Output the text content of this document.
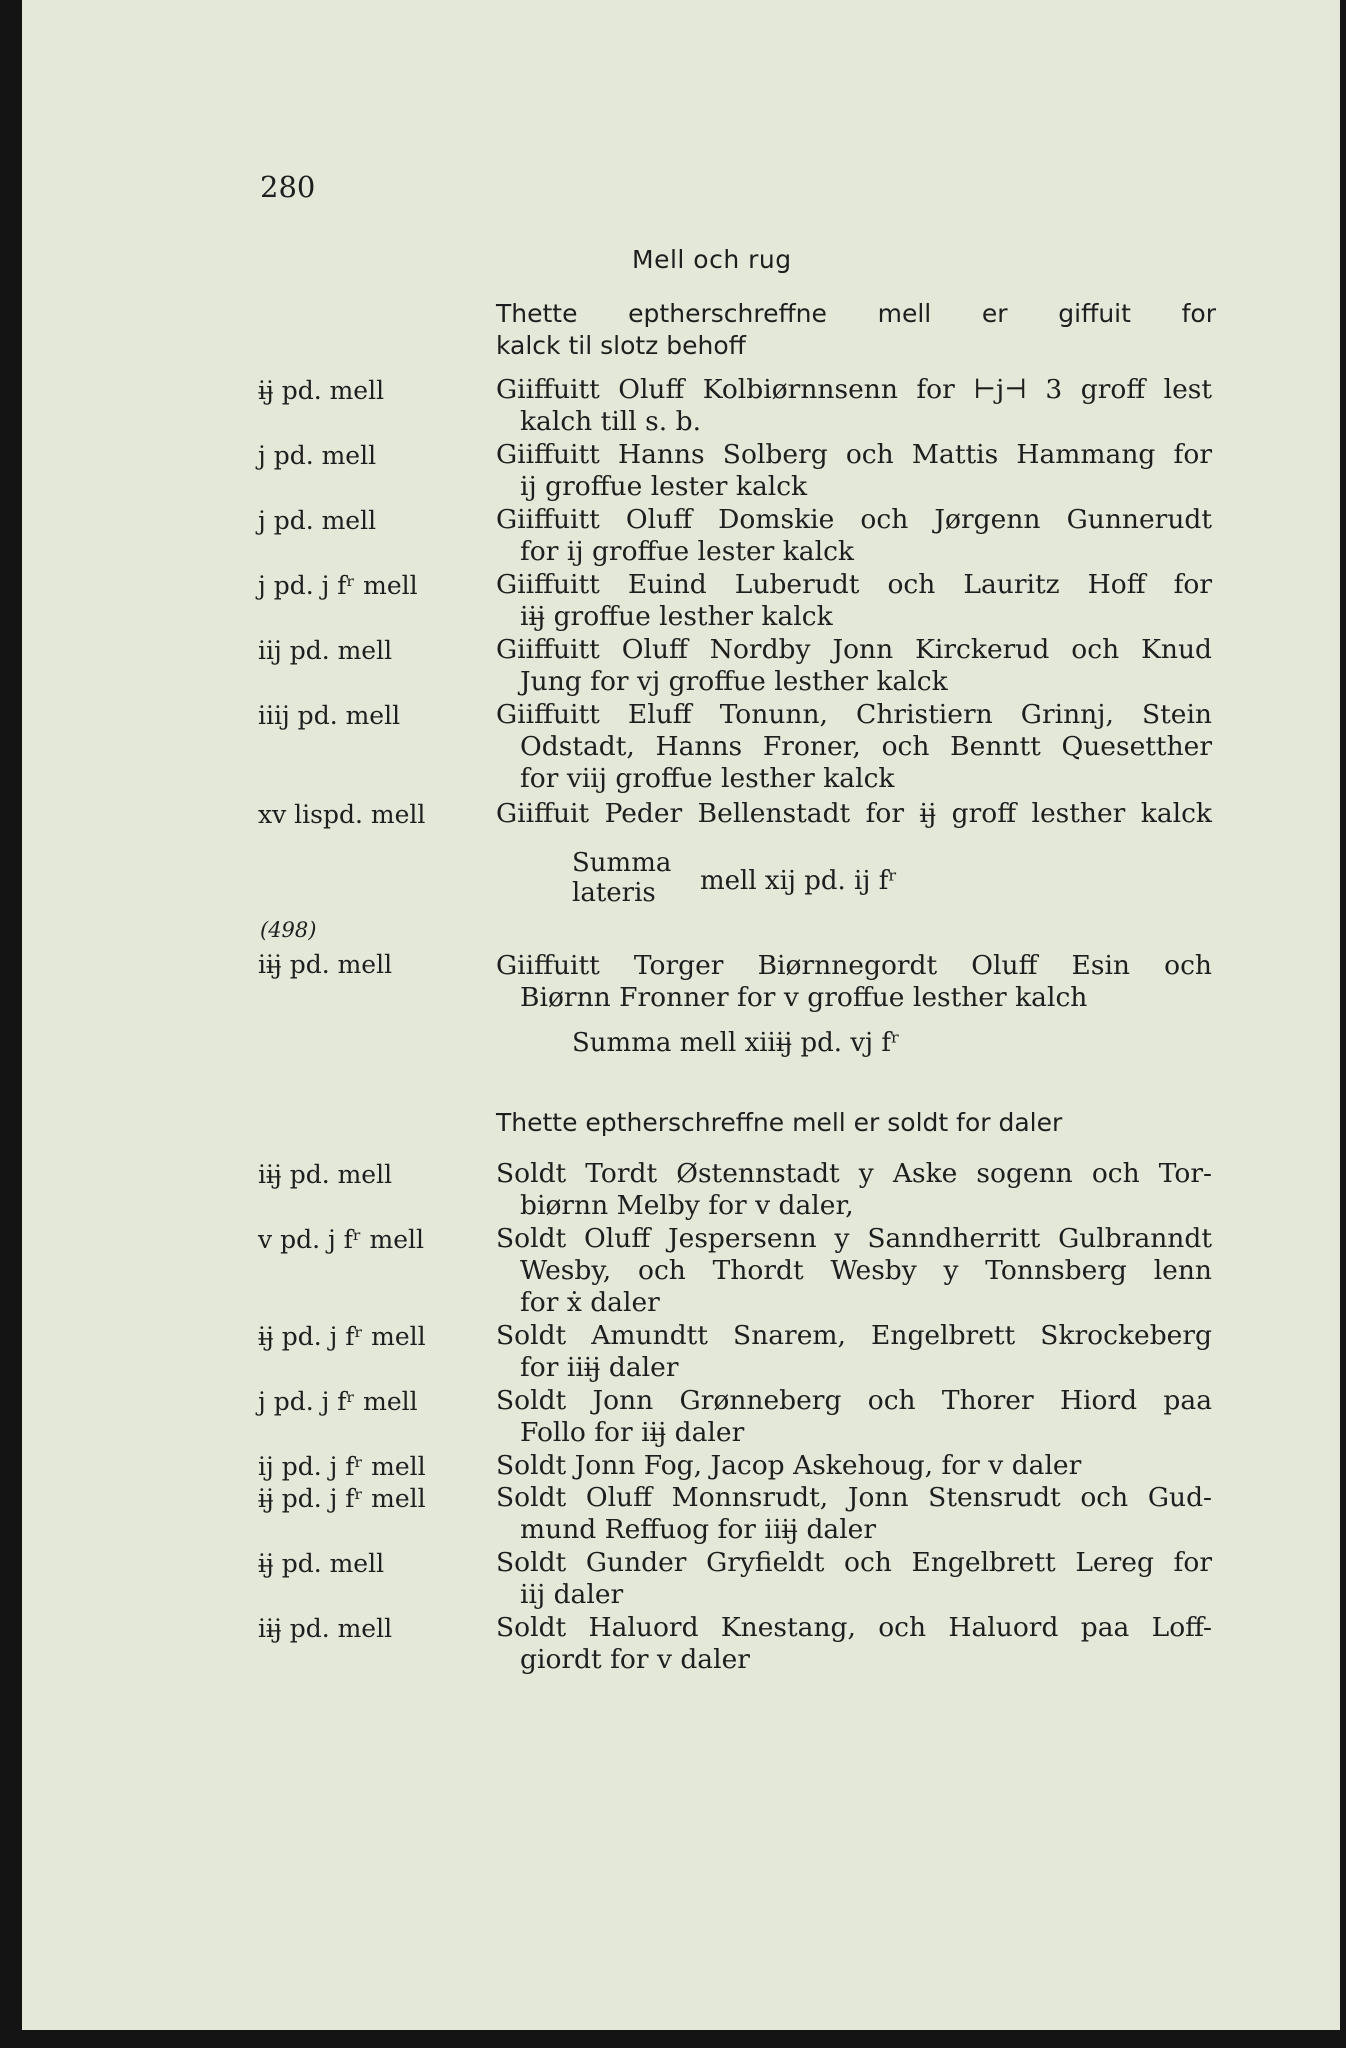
280
Mell och rug
Thette eptherschreffne mell er giffuit for
kalck til slotz behoff
ij̶ pd. mell	Giiffuitt Oluff Kolbiørnnsenn for ⊢j⊣ 3 groff lest
kalch till s. b.
j pd. mell	Giiffuitt Hanns Solberg och Mattis Hammang for
ij groffue lester kalck
j pd. mell	Giiffuitt Oluff Domskie och Jørgenn Gunnerudt
for ij groffue lester kalck
j pd. j fʳ mell	Giiffuitt Euind Luberudt och Lauritz Hoff for
iij̶ groffue lesther kalck
iij pd. mell	Giiffuitt Oluff Nordby Jonn Kirckerud och Knud
Jung for vj groffue lesther kalck
iiij pd. mell	Giiffuitt Eluff Tonunn, Christiern Grinnj, Stein
Odstadt, Hanns Froner, och Benntt Quesetther
for viij groffue lesther kalck
xv lispd. mell	Giiffuit Peder Bellenstadt for ij̶ groff lesther kalck
Summa
lateris	mell xij pd. ij fʳ
(498)
iij̶ pd. mell	Giiffuitt Torger Biørnnegordt Oluff Esin och
Biørnn Fronner for v groffue lesther kalch
Summa mell xiiij̶ pd. vj fʳ
Thette eptherschreffne mell er soldt for daler
iij̶ pd. mell	Soldt Tordt Østennstadt y Aske sogenn och Tor-
biørnn Melby for v daler,
v pd. j fʳ mell	Soldt Oluff Jespersenn y Sanndherritt Gulbranndt
Wesby, och Thordt Wesby y Tonnsberg lenn
for ẋ daler
ij̶ pd. j fʳ mell	Soldt Amundtt Snarem, Engelbrett Skrockeberg
for iiij̶ daler
j pd. j fʳ mell	Soldt Jonn Grønneberg och Thorer Hiord paa
Follo for iij̶ daler
ij pd. j fʳ mell	Soldt Jonn Fog, Jacop Askehoug, for v daler
ij̶ pd. j fʳ mell	Soldt Oluff Monnsrudt, Jonn Stensrudt och Gud-
mund Reffuog for iiij̶ daler
ij̶ pd. mell	Soldt Gunder Gryfieldt och Engelbrett Lereg for
iij daler
iij̶ pd. mell	Soldt Haluord Knestang, och Haluord paa Loff-
giordt for v daler
